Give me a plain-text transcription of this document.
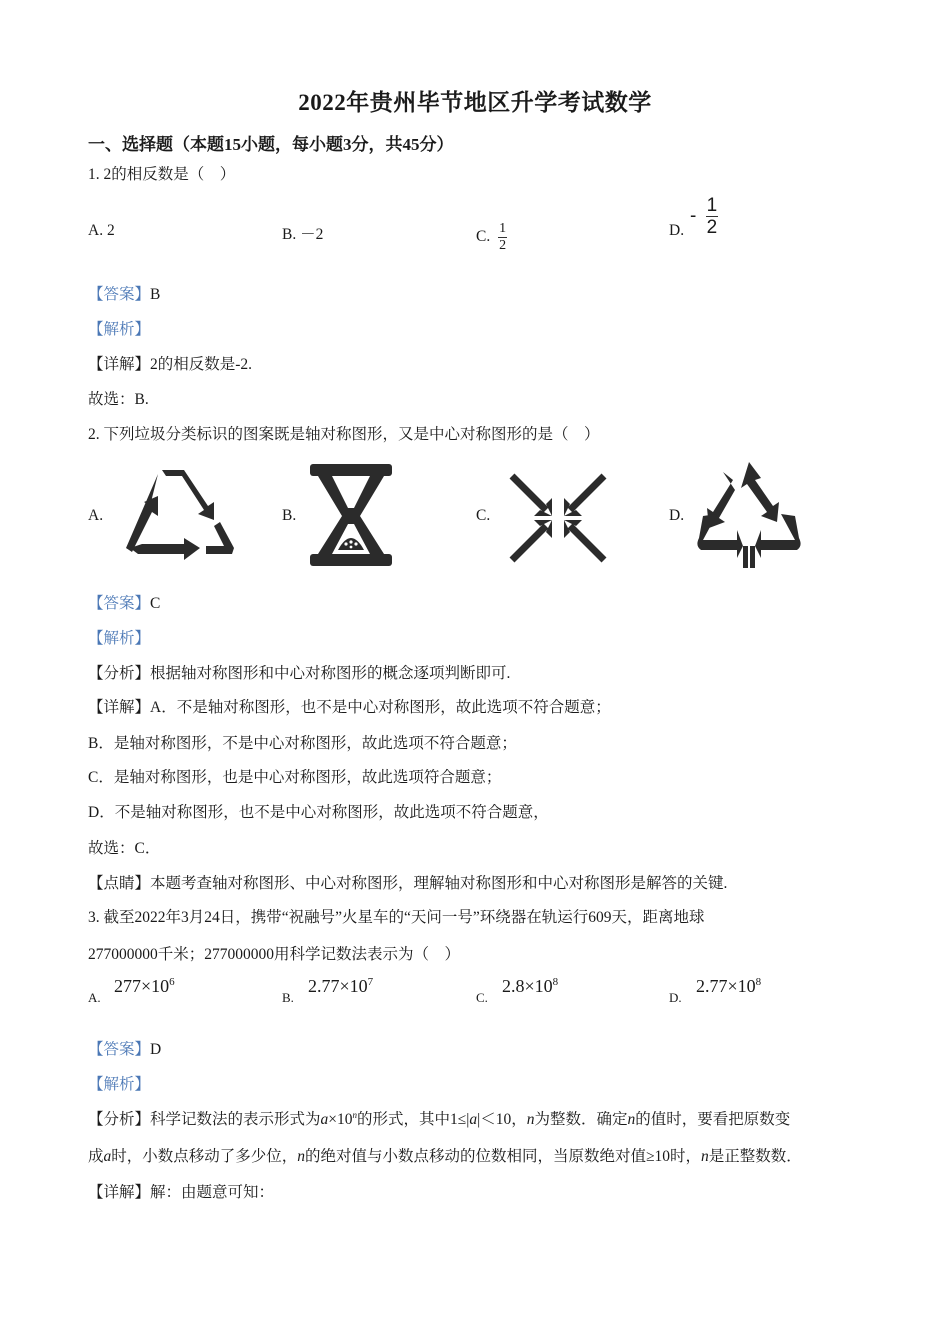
2022年贵州毕节地区升学考试数学
一、选择题（本题15小题，每小题3分，共45分）
1. 2的相反数是（　）
A. 2	B. －2	C. $\frac{1}{2}$	D.
- $\frac{1}{2}$
【答案】B
【解析】
【详解】2的相反数是-2.
故选：B.
2. 下列垃圾分类标识的图案既是轴对称图形，又是中心对称图形的是（　）
A.	B.	C.	D.
【答案】C
【解析】
【分析】根据轴对称图形和中心对称图形的概念逐项判断即可.
【详解】A．不是轴对称图形，也不是中心对称图形，故此选项不符合题意；
B．是轴对称图形，不是中心对称图形，故此选项不符合题意；
C．是轴对称图形，也是中心对称图形，故此选项符合题意；
D．不是轴对称图形，也不是中心对称图形，故此选项不符合题意，
故选：C．
【点睛】本题考查轴对称图形、中心对称图形，理解轴对称图形和中心对称图形是解答的关键.
3. 截至2022年3月24日，携带“祝融号”火星车的“天问一号”环绕器在轨运行609天，距离地球
277000000千米；277000000用科学记数法表示为（　）
A.
$277\times 10^6$
B.
$2.77\times 10^7$
C.
$2.8\times 10^8$
D.
$2.77\times 10^8$
【答案】D
【解析】
【分析】科学记数法的表示形式为$a\times 10^n$的形式，其中1≤|a|＜10，n为整数．确定n的值时，要看把原数变
成a时，小数点移动了多少位，n的绝对值与小数点移动的位数相同，当原数绝对值≥10时，n是正整数数．
【详解】解：由题意可知：
